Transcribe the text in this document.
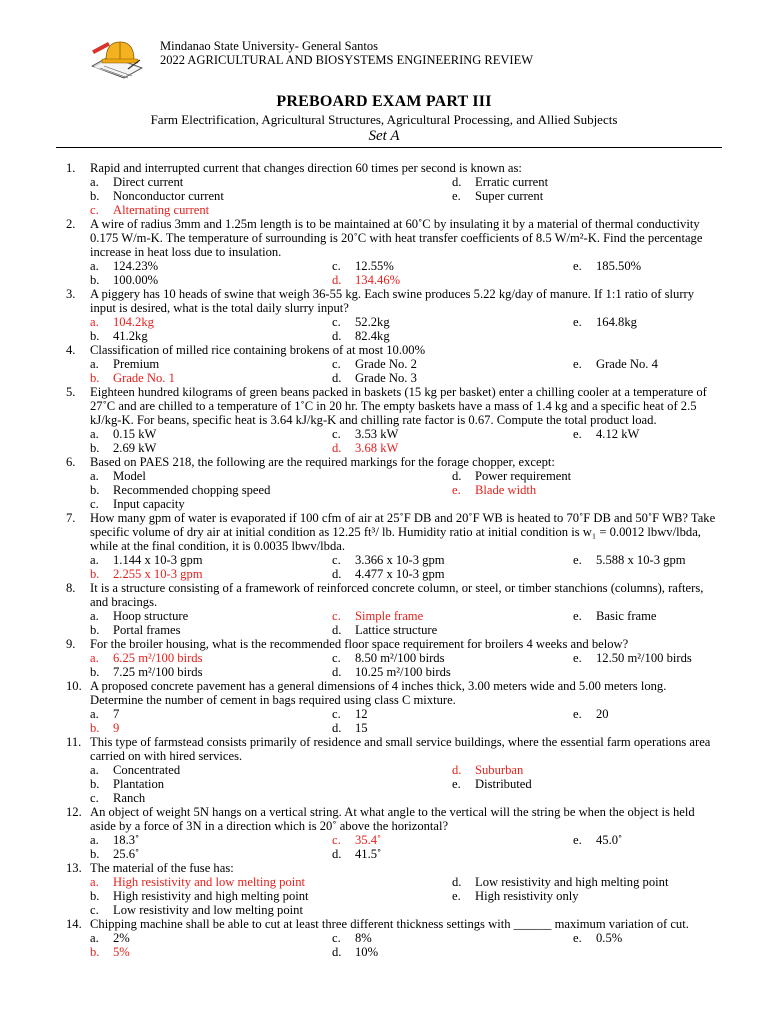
Mindanao State University- General Santos
2022 AGRICULTURAL AND BIOSYSTEMS ENGINEERING REVIEW
PREBOARD EXAM PART III
Farm Electrification, Agricultural Structures, Agricultural Processing, and Allied Subjects
Set A
1. Rapid and interrupted current that changes direction 60 times per second is known as:
a. Direct current	d. Erratic current
b. Nonconductor current	e. Super current
c. Alternating current
2. A wire of radius 3mm and 1.25m length is to be maintained at 60˚C by insulating it by a material of thermal conductivity 0.175 W/m-K. The temperature of surrounding is 20˚C with heat transfer coefficients of 8.5 W/m²-K. Find the percentage increase in heat loss due to insulation.
a. 124.23%	c. 12.55%	e. 185.50%
b. 100.00%	d. 134.46%
3. A piggery has 10 heads of swine that weigh 36-55 kg. Each swine produces 5.22 kg/day of manure. If 1:1 ratio of slurry input is desired, what is the total daily slurry input?
a. 104.2kg	c. 52.2kg	e. 164.8kg
b. 41.2kg	d. 82.4kg
4. Classification of milled rice containing brokens of at most 10.00%
a. Premium	c. Grade No. 2	e. Grade No. 4
b. Grade No. 1	d. Grade No. 3
5. Eighteen hundred kilograms of green beans packed in baskets (15 kg per basket) enter a chilling cooler at a temperature of 27˚C and are chilled to a temperature of 1˚C in 20 hr. The empty baskets have a mass of 1.4 kg and a specific heat of 2.5 kJ/kg-K. For beans, specific heat is 3.64 kJ/kg-K and chilling rate factor is 0.67. Compute the total product load.
a. 0.15 kW	c. 3.53 kW	e. 4.12 kW
b. 2.69 kW	d. 3.68 kW
6. Based on PAES 218, the following are the required markings for the forage chopper, except:
a. Model	d. Power requirement
b. Recommended chopping speed	e. Blade width
c. Input capacity
7. How many gpm of water is evaporated if 100 cfm of air at 25˚F DB and 20˚F WB is heated to 70˚F DB and 50˚F WB? Take specific volume of dry air at initial condition as 12.25 ft³/ lb. Humidity ratio at initial condition is w₁ = 0.0012 lbwv/lbda, while at the final condition, it is 0.0035 lbwv/lbda.
a. 1.144 x 10-3 gpm	c. 3.366 x 10-3 gpm	e. 5.588 x 10-3 gpm
b. 2.255 x 10-3 gpm	d. 4.477 x 10-3 gpm
8. It is a structure consisting of a framework of reinforced concrete column, or steel, or timber stanchions (columns), rafters, and bracings.
a. Hoop structure	c. Simple frame	e. Basic frame
b. Portal frames	d. Lattice structure
9. For the broiler housing, what is the recommended floor space requirement for broilers 4 weeks and below?
a. 6.25 m²/100 birds	c. 8.50 m²/100 birds	e. 12.50 m²/100 birds
b. 7.25 m²/100 birds	d. 10.25 m²/100 birds
10. A proposed concrete pavement has a general dimensions of 4 inches thick, 3.00 meters wide and 5.00 meters long. Determine the number of cement in bags required using class C mixture.
a. 7	c. 12	e. 20
b. 9	d. 15
11. This type of farmstead consists primarily of residence and small service buildings, where the essential farm operations area carried on with hired services.
a. Concentrated	d. Suburban
b. Plantation	e. Distributed
c. Ranch
12. An object of weight 5N hangs on a vertical string. At what angle to the vertical will the string be when the object is held aside by a force of 3N in a direction which is 20˚ above the horizontal?
a. 18.3˚	c. 35.4˚	e. 45.0˚
b. 25.6˚	d. 41.5˚
13. The material of the fuse has:
a. High resistivity and low melting point	d. Low resistivity and high melting point
b. High resistivity and high melting point	e. High resistivity only
c. Low resistivity and low melting point
14. Chipping machine shall be able to cut at least three different thickness settings with ______ maximum variation of cut.
a. 2%	c. 8%	e. 0.5%
b. 5%	d. 10%
